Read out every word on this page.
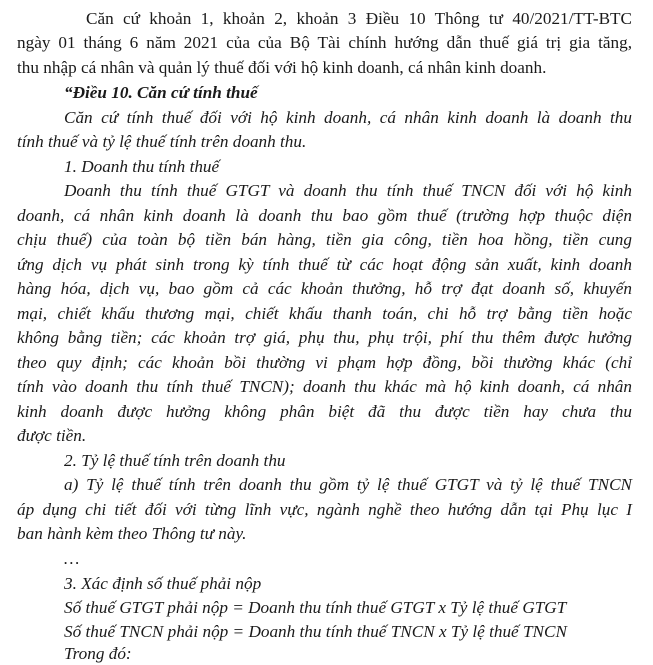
Căn cứ khoản 1, khoản 2, khoản 3 Điều 10 Thông tư 40/2021/TT-BTC
ngày 01 tháng 6 năm 2021 của của Bộ Tài chính hướng dẫn thuế giá trị gia tăng,
thu nhập cá nhân và quản lý thuế đối với hộ kinh doanh, cá nhân kinh doanh.
“Điều 10. Căn cứ tính thuế
Căn cứ tính thuế đối với hộ kinh doanh, cá nhân kinh doanh là doanh thu
tính thuế và tỷ lệ thuế tính trên doanh thu.
1. Doanh thu tính thuế
Doanh thu tính thuế GTGT và doanh thu tính thuế TNCN đối với hộ kinh
doanh, cá nhân kinh doanh là doanh thu bao gồm thuế (trường hợp thuộc diện
chịu thuế) của toàn bộ tiền bán hàng, tiền gia công, tiền hoa hồng, tiền cung
ứng dịch vụ phát sinh trong kỳ tính thuế từ các hoạt động sản xuất, kinh doanh
hàng hóa, dịch vụ, bao gồm cả các khoản thưởng, hỗ trợ đạt doanh số, khuyến
mại, chiết khấu thương mại, chiết khấu thanh toán, chi hỗ trợ bằng tiền hoặc
không bằng tiền; các khoản trợ giá, phụ thu, phụ trội, phí thu thêm được hưởng
theo quy định; các khoản bồi thường vi phạm hợp đồng, bồi thường khác (chỉ
tính vào doanh thu tính thuế TNCN); doanh thu khác mà hộ kinh doanh, cá nhân
kinh doanh được hưởng không phân biệt đã thu được tiền hay chưa thu
được tiền.
2. Tỷ lệ thuế tính trên doanh thu
a) Tỷ lệ thuế tính trên doanh thu gồm tỷ lệ thuế GTGT và tỷ lệ thuế TNCN
áp dụng chi tiết đối với từng lĩnh vực, ngành nghề theo hướng dẫn tại Phụ lục I
ban hành kèm theo Thông tư này.
…
3. Xác định số thuế phải nộp
Số thuế GTGT phải nộp = Doanh thu tính thuế GTGT x Tỷ lệ thuế GTGT
Số thuế TNCN phải nộp = Doanh thu tính thuế TNCN x Tỷ lệ thuế TNCN
Trong đó:
